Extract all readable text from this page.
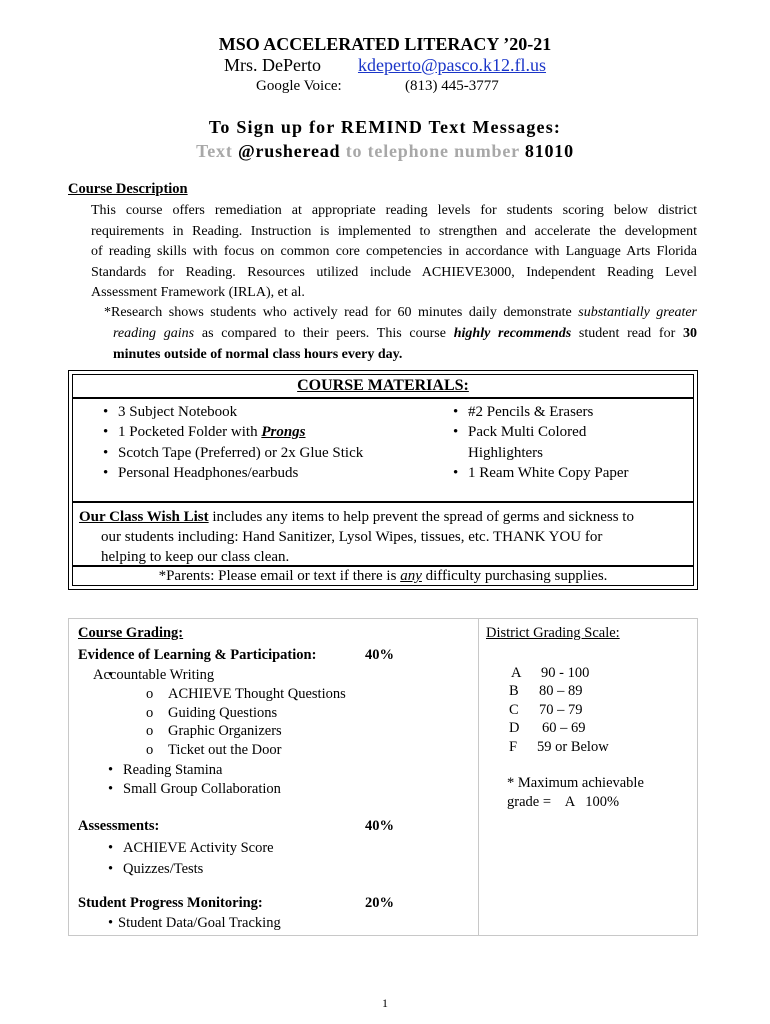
MSO ACCELERATED LITERACY ’20-21
Mrs. DePerto kdeperto@pasco.k12.fl.us
Google Voice:	(813) 445-3777
To Sign up for REMIND Text Messages:
Text @rusheread to telephone number 81010
Course Description
This course offers remediation at appropriate reading levels for students scoring below district
requirements in Reading. Instruction is implemented to strengthen and accelerate the development
of reading skills with focus on common core competencies in accordance with Language Arts Florida
Standards for Reading. Resources utilized include ACHIEVE3000, Independent Reading Level
Assessment Framework (IRLA), et al.
*Research shows students who actively read for 60 minutes daily demonstrate substantially greater
reading gains as compared to their peers. This course highly recommends student read for 30
minutes outside of normal class hours every day.
COURSE MATERIALS:
• 3 Subject Notebook
• 1 Pocketed Folder with Prongs
• Scotch Tape (Preferred) or 2x Glue Stick
• Personal Headphones/earbuds
• #2 Pencils & Erasers
• Pack Multi Colored
• Highlighters
• 1 Ream White Copy Paper
Our Class Wish List includes any items to help prevent the spread of germs and sickness to
our students including: Hand Sanitizer, Lysol Wipes, tissues, etc. THANK YOU for
helping to keep our class clean.
*Parents: Please email or text if there is any difficulty purchasing supplies.
Course Grading:
Evidence of Learning & Participation:	40%
• Accountable Writing
o ACHIEVE Thought Questions
o Guiding Questions
o Graphic Organizers
o Ticket out the Door
• Reading Stamina
• Small Group Collaboration
Assessments:	40%
• ACHIEVE Activity Score
• Quizzes/Tests
Student Progress Monitoring:	20%
• Student Data/Goal Tracking
District Grading Scale:
A	90 - 100
B	80 – 89
C	70 – 79
D	60 – 69
F	59 or Below
* Maximum achievable
grade =    A   100%
1
